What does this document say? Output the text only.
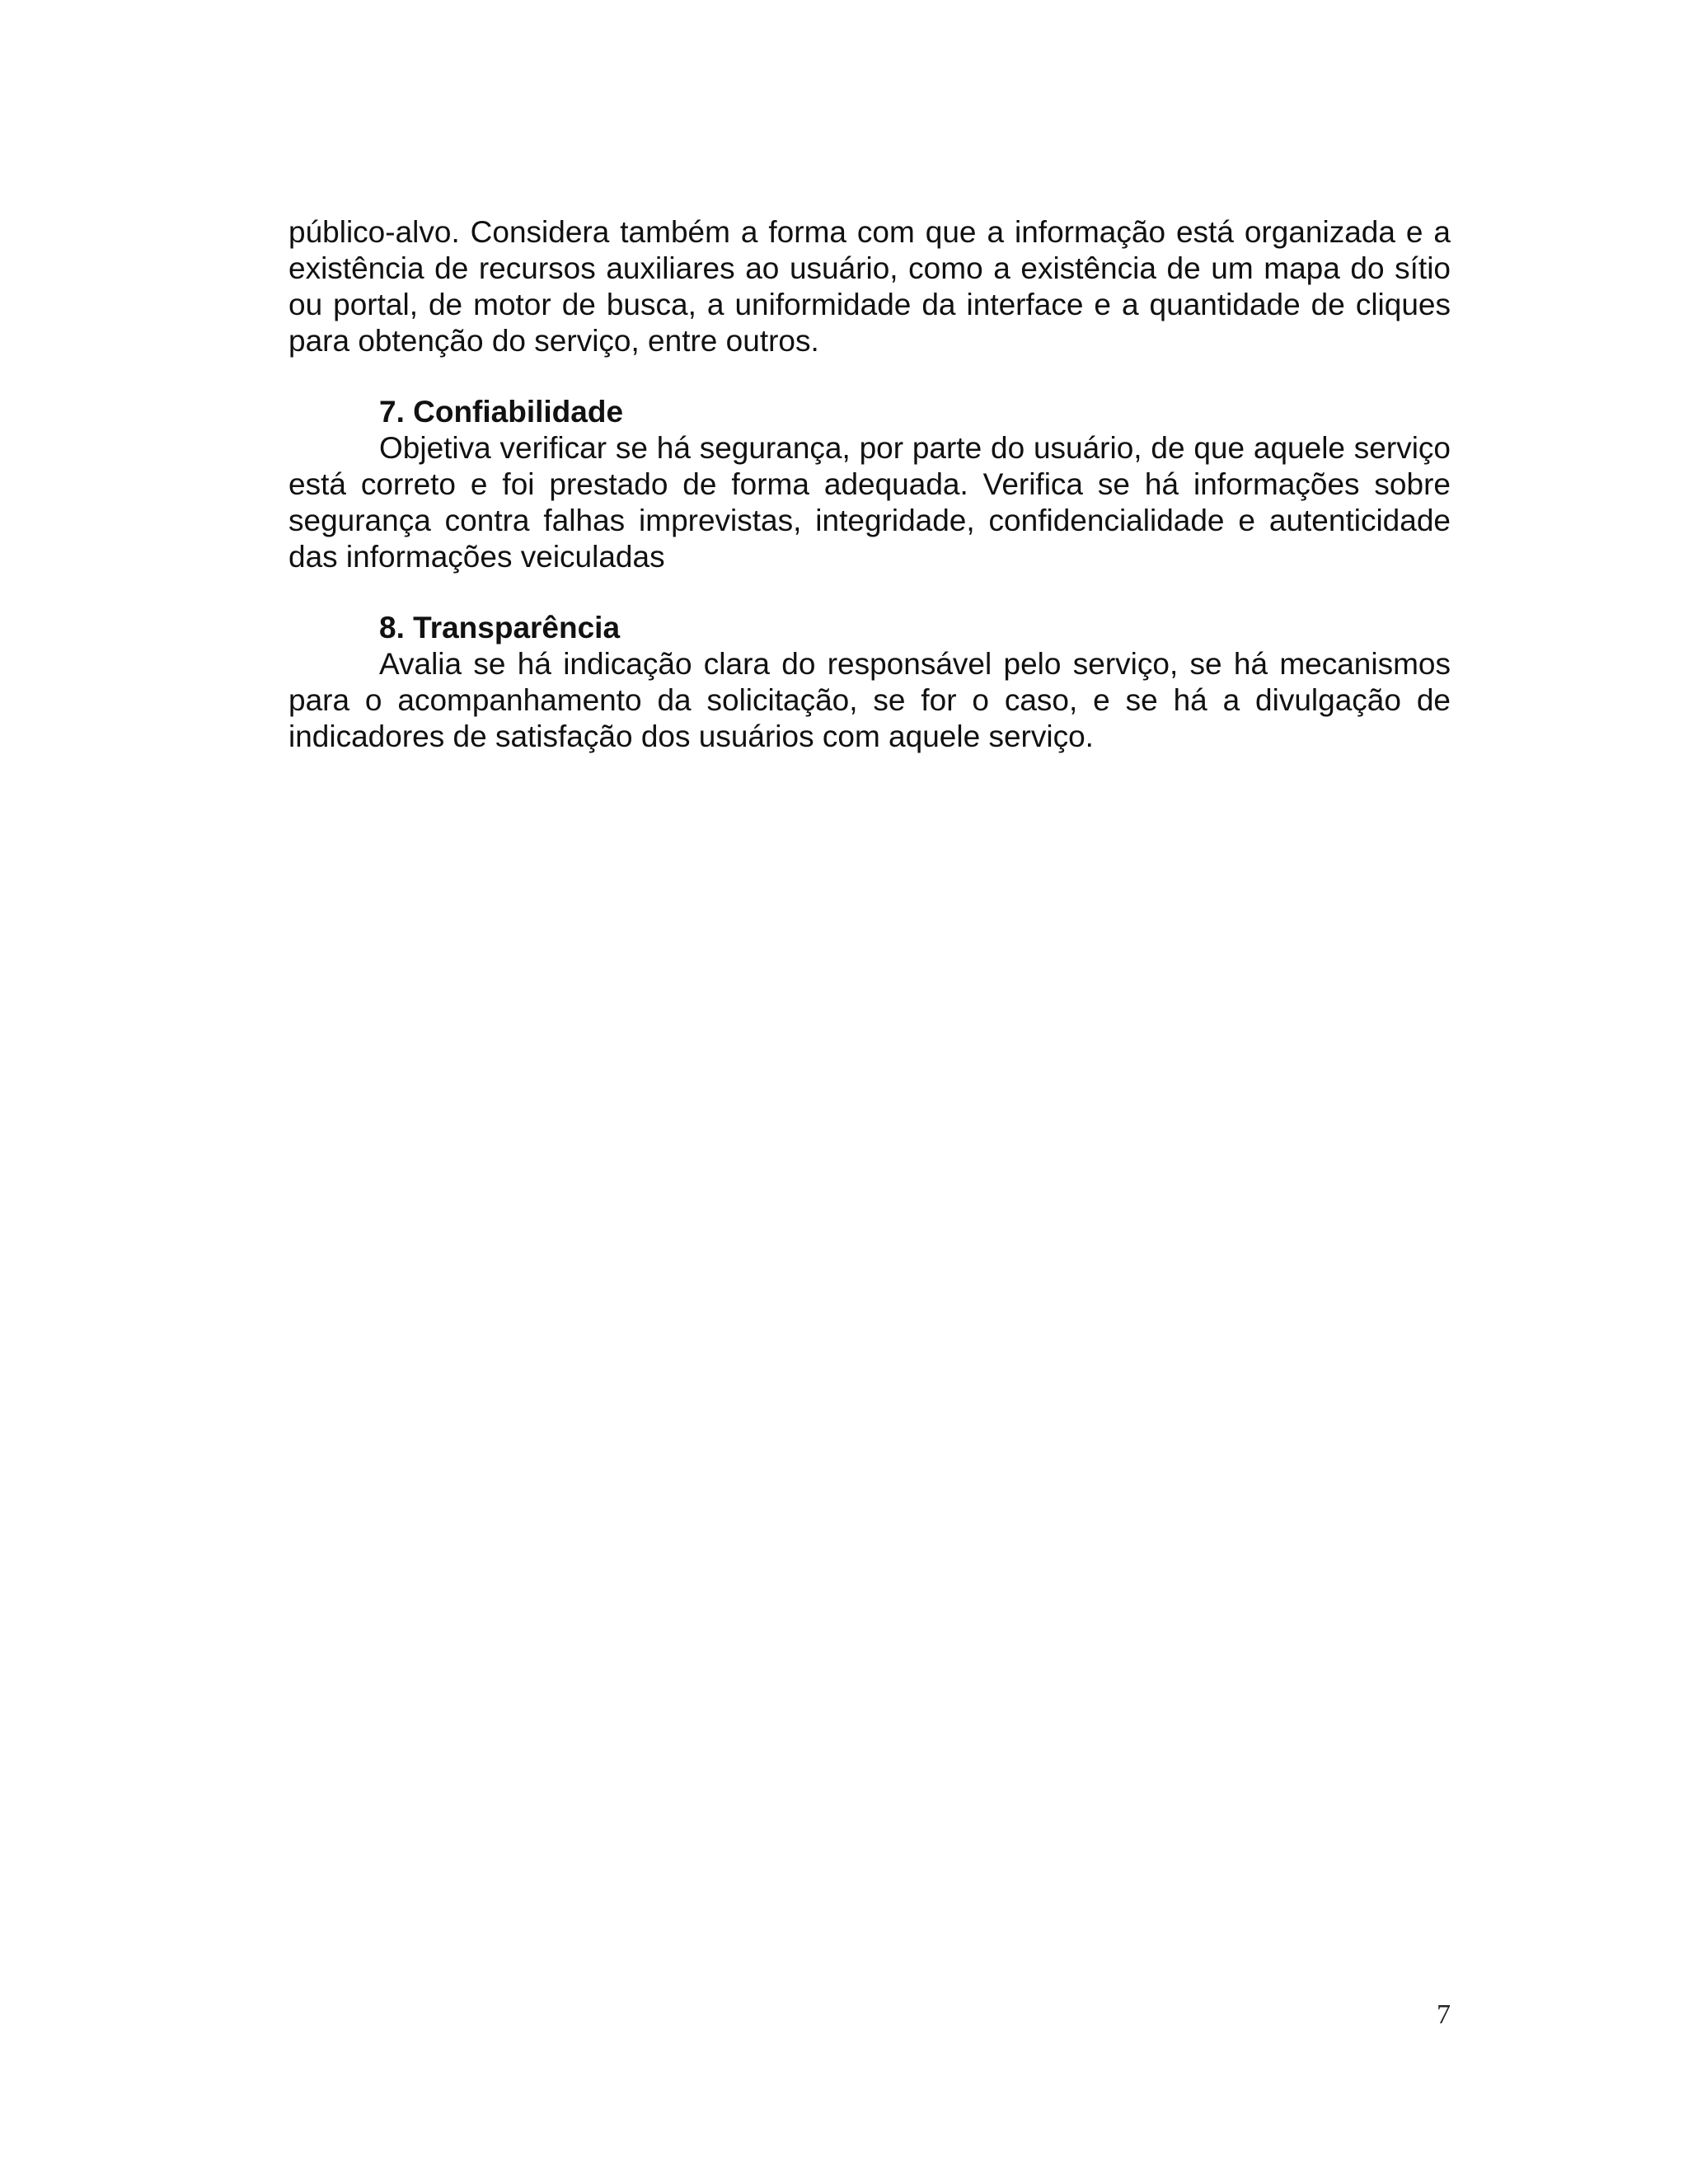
público-alvo. Considera também a forma com que a informação está organizada e a existência de recursos auxiliares ao usuário, como a existência de um mapa do sítio ou portal, de motor de busca, a uniformidade da interface e a quantidade de cliques para obtenção do serviço, entre outros.

7. Confiabilidade

Objetiva verificar se há segurança, por parte do usuário, de que aquele serviço está correto e foi prestado de forma adequada. Verifica se há informações sobre segurança contra falhas imprevistas, integridade, confidencialidade e autenticidade das informações veiculadas

8. Transparência

Avalia se há indicação clara do responsável pelo serviço, se há mecanismos para o acompanhamento da solicitação, se for o caso, e se há a divulgação de indicadores de satisfação dos usuários com aquele serviço.

7
